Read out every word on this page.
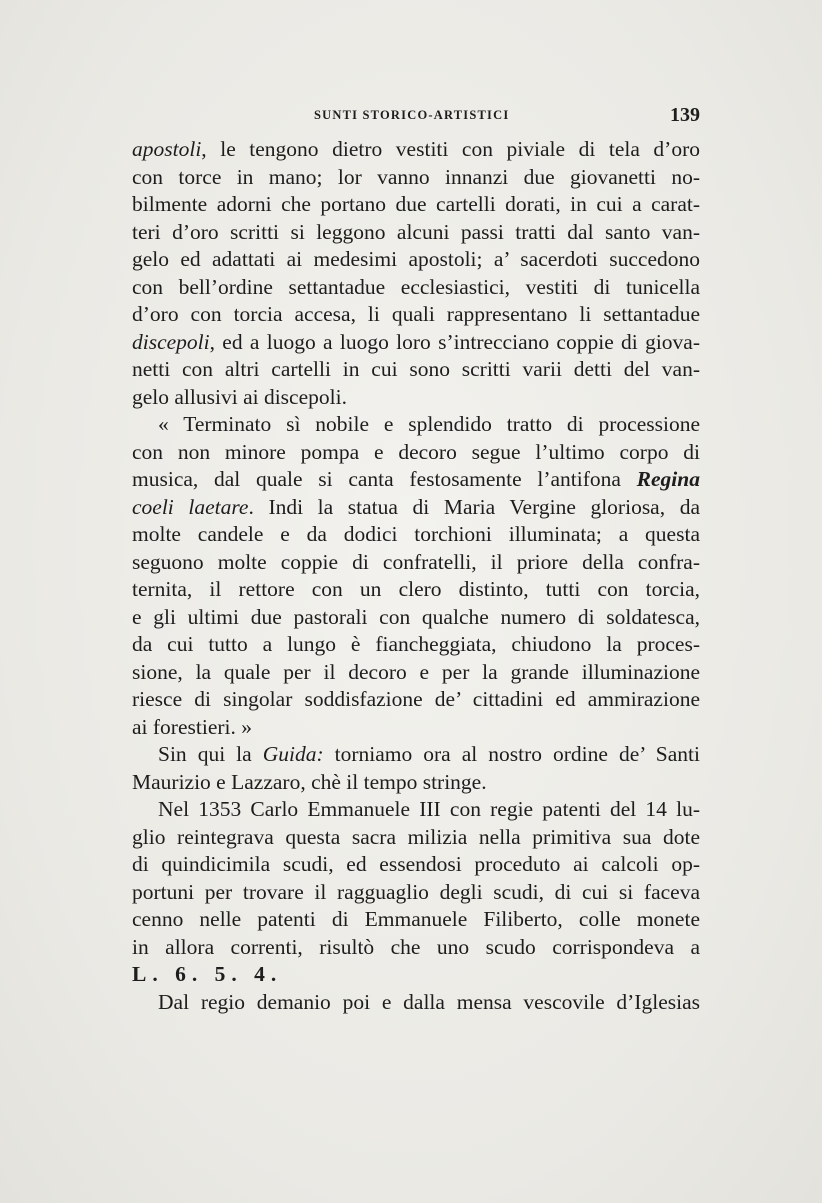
SUNTI STORICO-ARTISTICI	139
apostoli, le tengono dietro vestiti con piviale di tela d’oro
con torce in mano; lor vanno innanzi due giovanetti no-
bilmente adorni che portano due cartelli dorati, in cui a carat-
teri d’oro scritti si leggono alcuni passi tratti dal santo van-
gelo ed adattati ai medesimi apostoli; a’ sacerdoti succedono
con bell’ordine settantadue ecclesiastici, vestiti di tunicella
d’oro con torcia accesa, li quali rappresentano li settantadue
discepoli, ed a luogo a luogo loro s’intrecciano coppie di giova-
netti con altri cartelli in cui sono scritti varii detti del van-
gelo allusivi ai discepoli.
« Terminato sì nobile e splendido tratto di processione
con non minore pompa e decoro segue l’ultimo corpo di
musica, dal quale si canta festosamente l’antifona Regina
coeli laetare. Indi la statua di Maria Vergine gloriosa, da
molte candele e da dodici torchioni illuminata; a questa
seguono molte coppie di confratelli, il priore della confra-
ternita, il rettore con un clero distinto, tutti con torcia,
e gli ultimi due pastorali con qualche numero di soldatesca,
da cui tutto a lungo è fiancheggiata, chiudono la proces-
sione, la quale per il decoro e per la grande illuminazione
riesce di singolar soddisfazione de’ cittadini ed ammirazione
ai forestieri. »
Sin qui la Guida: torniamo ora al nostro ordine de’ Santi
Maurizio e Lazzaro, chè il tempo stringe.
Nel 1353 Carlo Emmanuele III con regie patenti del 14 lu-
glio reintegrava questa sacra milizia nella primitiva sua dote
di quindicimila scudi, ed essendosi proceduto ai calcoli op-
portuni per trovare il ragguaglio degli scudi, di cui si faceva
cenno nelle patenti di Emmanuele Filiberto, colle monete
in allora correnti, risultò che uno scudo corrispondeva a
L. 6. 5. 4.
Dal regio demanio poi e dalla mensa vescovile d’Iglesias
